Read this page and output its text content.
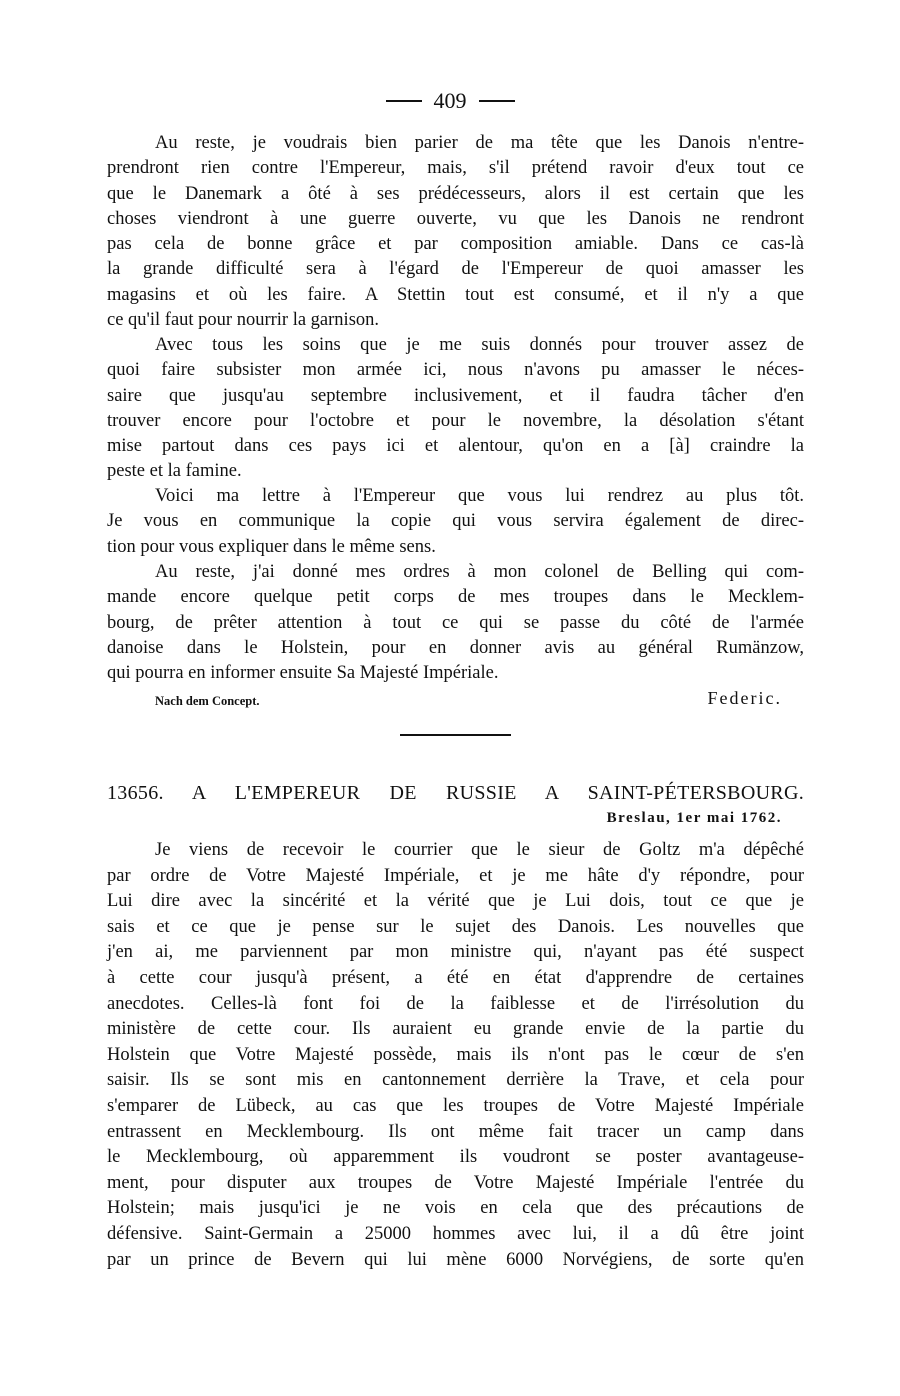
409
Au reste, je voudrais bien parier de ma tête que les Danois n'entre-
prendront rien contre l'Empereur, mais, s'il prétend ravoir d'eux tout ce
que le Danemark a ôté à ses prédécesseurs, alors il est certain que les
choses viendront à une guerre ouverte, vu que les Danois ne rendront
pas cela de bonne grâce et par composition amiable. Dans ce cas-là
la grande difficulté sera à l'égard de l'Empereur de quoi amasser les
magasins et où les faire. A Stettin tout est consumé, et il n'y a que
ce qu'il faut pour nourrir la garnison.
Avec tous les soins que je me suis donnés pour trouver assez de
quoi faire subsister mon armée ici, nous n'avons pu amasser le néces-
saire que jusqu'au septembre inclusivement, et il faudra tâcher d'en
trouver encore pour l'octobre et pour le novembre, la désolation s'étant
mise partout dans ces pays ici et alentour, qu'on en a [à] craindre la
peste et la famine.
Voici ma lettre à l'Empereur que vous lui rendrez au plus tôt.
Je vous en communique la copie qui vous servira également de direc-
tion pour vous expliquer dans le même sens.
Au reste, j'ai donné mes ordres à mon colonel de Belling qui com-
mande encore quelque petit corps de mes troupes dans le Mecklem-
bourg, de prêter attention à tout ce qui se passe du côté de l'armée
danoise dans le Holstein, pour en donner avis au général Rumänzow,
qui pourra en informer ensuite Sa Majesté Impériale.
Nach dem Concept.	Federic.
13656. A L'EMPEREUR DE RUSSIE A SAINT-PÉTERSBOURG.
Breslau, 1er mai 1762.
Je viens de recevoir le courrier que le sieur de Goltz m'a dépêché
par ordre de Votre Majesté Impériale, et je me hâte d'y répondre, pour
Lui dire avec la sincérité et la vérité que je Lui dois, tout ce que je
sais et ce que je pense sur le sujet des Danois. Les nouvelles que
j'en ai, me parviennent par mon ministre qui, n'ayant pas été suspect
à cette cour jusqu'à présent, a été en état d'apprendre de certaines
anecdotes. Celles-là font foi de la faiblesse et de l'irrésolution du
ministère de cette cour. Ils auraient eu grande envie de la partie du
Holstein que Votre Majesté possède, mais ils n'ont pas le cœur de s'en
saisir. Ils se sont mis en cantonnement derrière la Trave, et cela pour
s'emparer de Lübeck, au cas que les troupes de Votre Majesté Impériale
entrassent en Mecklembourg. Ils ont même fait tracer un camp dans
le Mecklembourg, où apparemment ils voudront se poster avantageuse-
ment, pour disputer aux troupes de Votre Majesté Impériale l'entrée du
Holstein; mais jusqu'ici je ne vois en cela que des précautions de
défensive. Saint-Germain a 25000 hommes avec lui, il a dû être joint
par un prince de Bevern qui lui mène 6000 Norvégiens, de sorte qu'en
